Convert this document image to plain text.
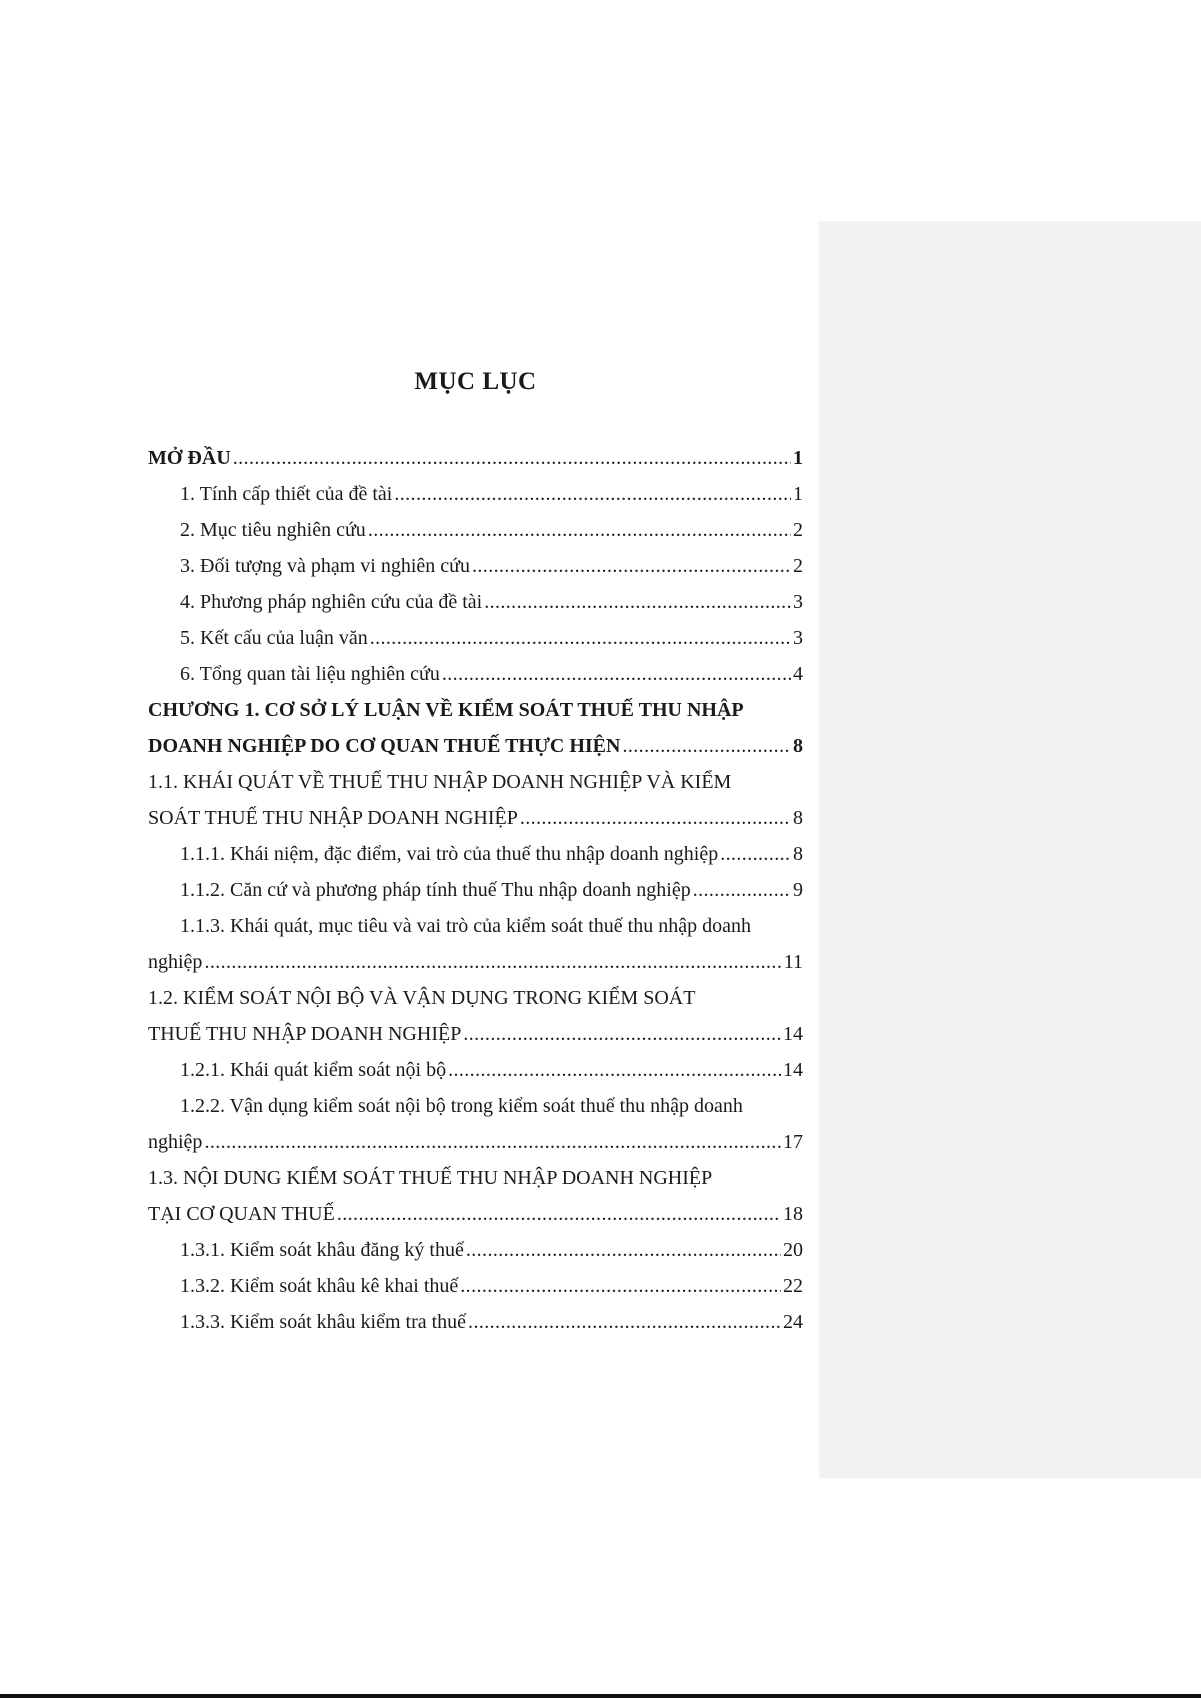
MỤC LỤC
MỞ ĐẦU .....	1
1. Tính cấp thiết của đề tài .....	1
2. Mục tiêu nghiên cứu .....	2
3. Đối tượng và phạm vi nghiên cứu .....	2
4. Phương pháp nghiên cứu của đề tài .....	3
5. Kết cấu của luận văn .....	3
6. Tổng quan tài liệu nghiên cứu .....	4
CHƯƠNG 1. CƠ SỞ LÝ LUẬN VỀ KIỂM SOÁT THUẾ THU NHẬP
DOANH NGHIỆP DO CƠ QUAN THUẾ THỰC HIỆN .....	8
1.1. KHÁI QUÁT VỀ THUẾ THU NHẬP DOANH NGHIỆP VÀ KIỂM
SOÁT THUẾ THU NHẬP DOANH NGHIỆP .....	8
1.1.1. Khái niệm, đặc điểm, vai trò của thuế thu nhập doanh nghiệp .....	8
1.1.2. Căn cứ và phương pháp tính thuế Thu nhập doanh nghiệp .....	9
1.1.3. Khái quát, mục tiêu và vai trò của kiểm soát thuế thu nhập doanh
nghiệp .....	11
1.2. KIỂM SOÁT NỘI BỘ VÀ VẬN DỤNG TRONG KIỂM SOÁT
THUẾ THU NHẬP DOANH NGHIỆP .....	14
1.2.1. Khái quát kiểm soát nội bộ .....	14
1.2.2. Vận dụng kiểm soát nội bộ trong kiểm soát thuế thu nhập doanh
nghiệp .....	17
1.3. NỘI DUNG KIỂM SOÁT THUẾ THU NHẬP DOANH NGHIỆP
TẠI CƠ QUAN THUẾ .....	18
1.3.1. Kiểm soát khâu đăng ký thuế .....	20
1.3.2. Kiểm soát khâu kê khai thuế .....	22
1.3.3. Kiểm soát khâu kiểm tra thuế .....	24
